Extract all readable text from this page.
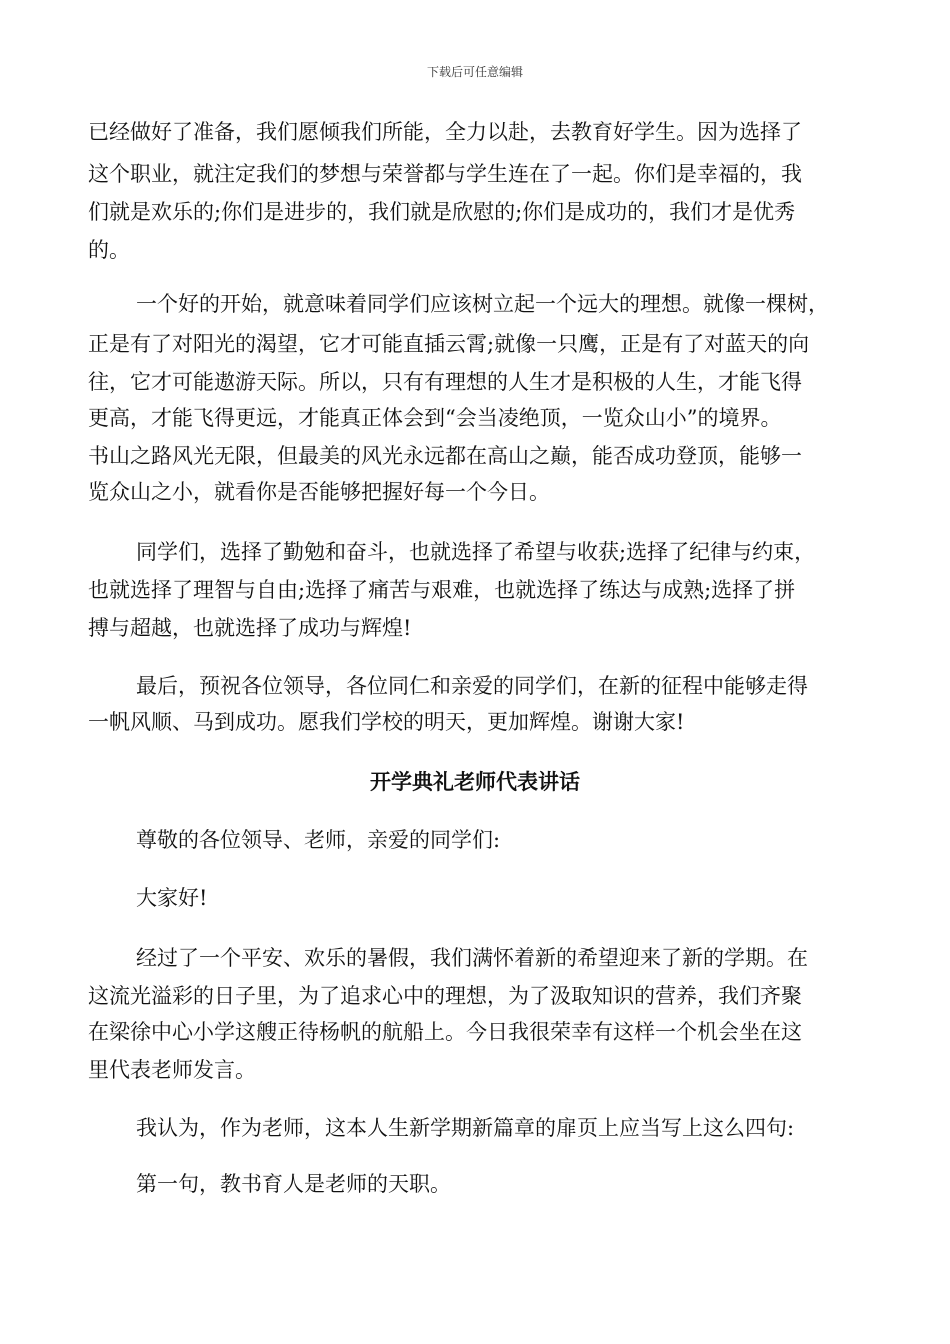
下载后可任意编辑
已经做好了准备，我们愿倾我们所能，全力以赴，去教育好学生。因为选择了
这个职业，就注定我们的梦想与荣誉都与学生连在了一起。你们是幸福的，我
们就是欢乐的;你们是进步的，我们就是欣慰的;你们是成功的，我们才是优秀
的。
一个好的开始，就意味着同学们应该树立起一个远大的理想。就像一棵树，
正是有了对阳光的渴望，它才可能直插云霄;就像一只鹰，正是有了对蓝天的向
往，它才可能遨游天际。所以，只有有理想的人生才是积极的人生，才能飞得
更高，才能飞得更远，才能真正体会到“会当凌绝顶，一览众山小”的境界。
书山之路风光无限，但最美的风光永远都在高山之巅，能否成功登顶，能够一
览众山之小，就看你是否能够把握好每一个今日。
同学们，选择了勤勉和奋斗，也就选择了希望与收获;选择了纪律与约束，
也就选择了理智与自由;选择了痛苦与艰难，也就选择了练达与成熟;选择了拼
搏与超越，也就选择了成功与辉煌!
最后，预祝各位领导，各位同仁和亲爱的同学们，在新的征程中能够走得
一帆风顺、马到成功。愿我们学校的明天，更加辉煌。谢谢大家!
开学典礼老师代表讲话
尊敬的各位领导、老师，亲爱的同学们:
大家好!
经过了一个平安、欢乐的暑假，我们满怀着新的希望迎来了新的学期。在
这流光溢彩的日子里，为了追求心中的理想，为了汲取知识的营养，我们齐聚
在梁徐中心小学这艘正待杨帆的航船上。今日我很荣幸有这样一个机会坐在这
里代表老师发言。
我认为，作为老师，这本人生新学期新篇章的扉页上应当写上这么四句:
第一句，教书育人是老师的天职。
